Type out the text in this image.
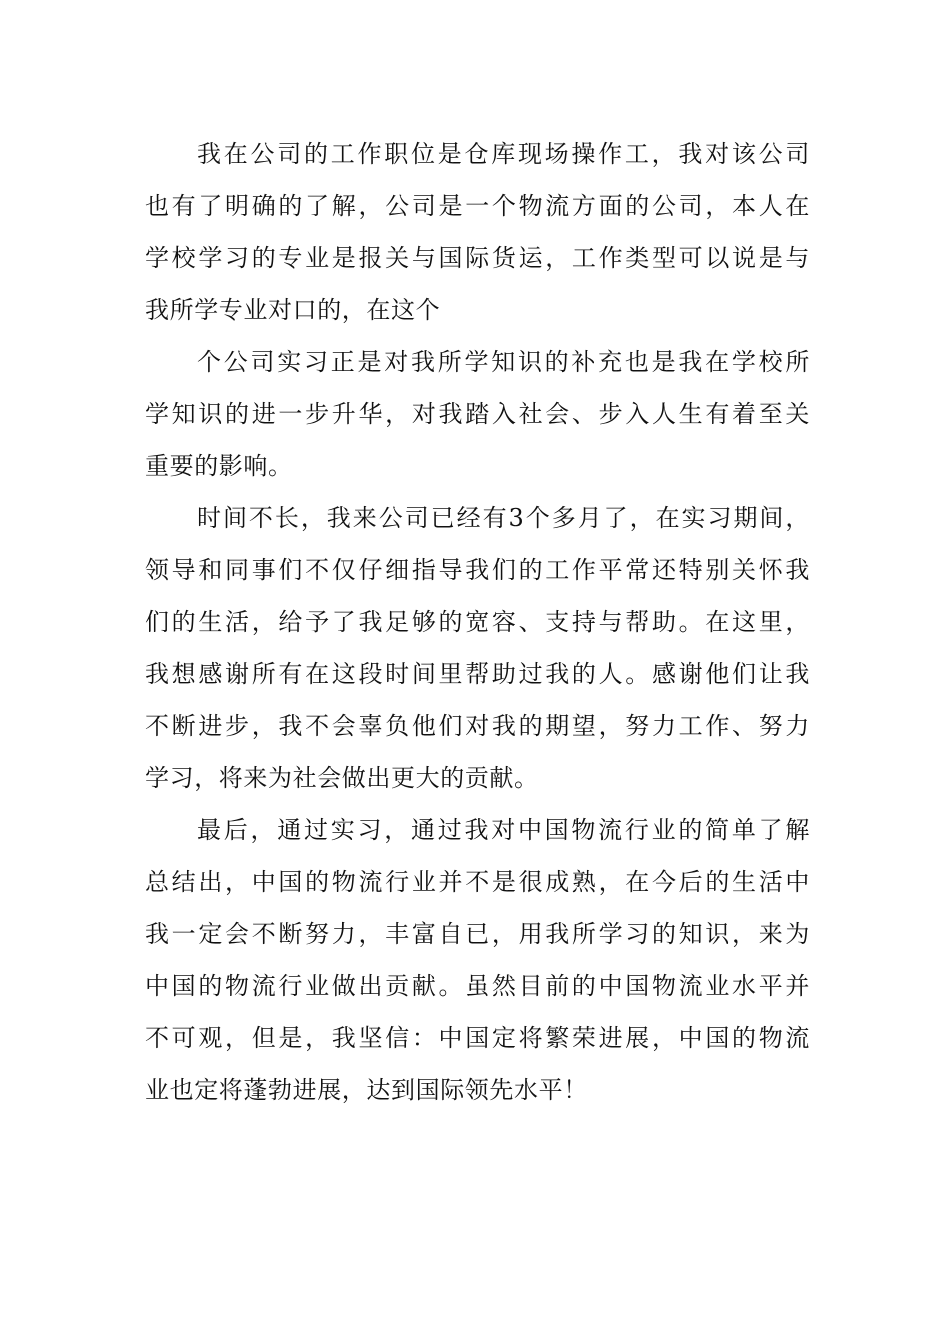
我在公司的工作职位是仓库现场操作工，我对该公司
也有了明确的了解，公司是一个物流方面的公司，本人在
学校学习的专业是报关与国际货运，工作类型可以说是与
我所学专业对口的，在这个
个公司实习正是对我所学知识的补充也是我在学校所
学知识的进一步升华，对我踏入社会、步入人生有着至关
重要的影响。
时间不长，我来公司已经有3个多月了，在实习期间，
领导和同事们不仅仔细指导我们的工作平常还特别关怀我
们的生活，给予了我足够的宽容、支持与帮助。在这里，
我想感谢所有在这段时间里帮助过我的人。感谢他们让我
不断进步，我不会辜负他们对我的期望，努力工作、努力
学习，将来为社会做出更大的贡献。
最后，通过实习，通过我对中国物流行业的简单了解
总结出，中国的物流行业并不是很成熟，在今后的生活中
我一定会不断努力，丰富自已，用我所学习的知识，来为
中国的物流行业做出贡献。虽然目前的中国物流业水平并
不可观，但是，我坚信：中国定将繁荣进展，中国的物流
业也定将蓬勃进展，达到国际领先水平！
